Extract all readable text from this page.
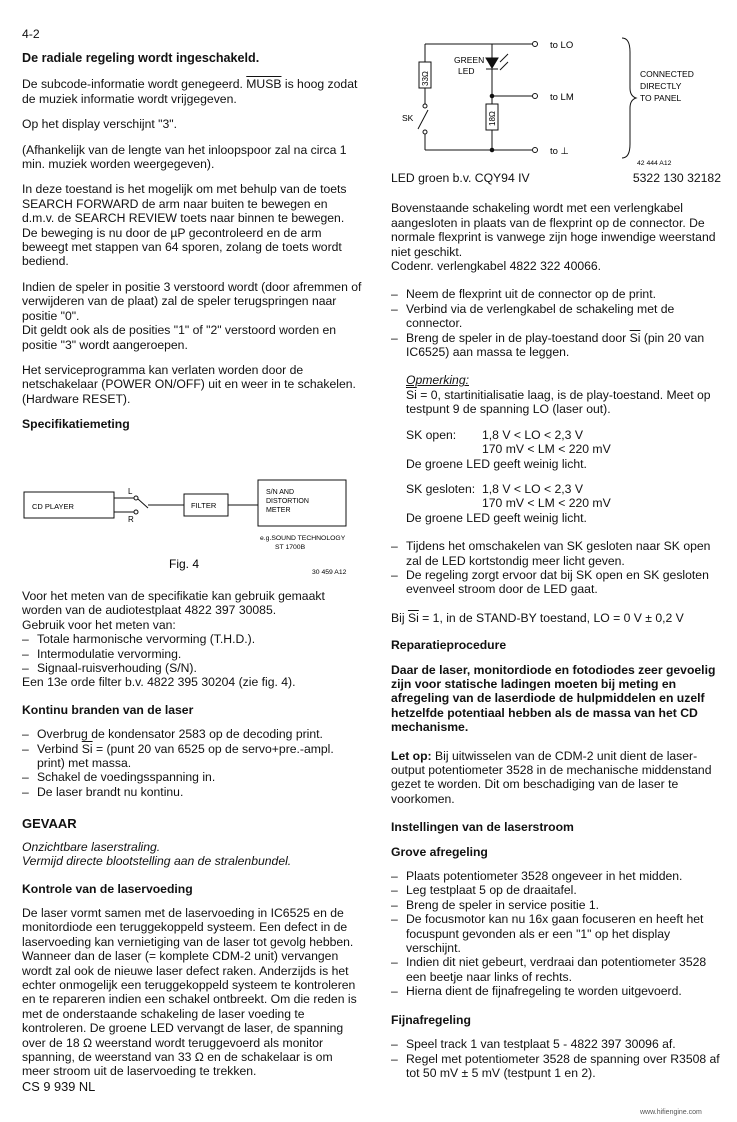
4-2
CS 9 939 NL
www.hifiengine.com
De radiale regeling wordt ingeschakeld.

De subcode-informatie wordt genegeerd. MUSB is hoog zodat de muziek informatie wordt vrijgegeven.

Op het display verschijnt "3".

(Afhankelijk van de lengte van het inloopspoor zal na circa 1 min. muziek worden weergegeven).

In deze toestand is het mogelijk om met behulp van de toets SEARCH FORWARD de arm naar buiten te bewegen en d.m.v. de SEARCH REVIEW toets naar binnen te bewegen.

De beweging is nu door de µP gecontroleerd en de arm beweegt met stappen van 64 sporen, zolang de toets wordt bediend.

Indien de speler in positie 3 verstoord wordt (door afremmen of verwijderen van de plaat) zal de speler terugspringen naar positie "0".

Dit geldt ook als de posities "1" of "2" verstoord worden en positie "3" wordt aangeroepen.

Het serviceprogramma kan verlaten worden door de netschakelaar (POWER ON/OFF) uit en weer in te schakelen.

(Hardware RESET).

Specifikatiemeting
CD PLAYER
L
R
FILTER
S/N AND
DISTORTION
METER
e.g.SOUND TECHNOLOGY
ST 1700B
Fig. 4
30 459 A12

Voor het meten van de specifikatie kan gebruik gemaakt worden van de audiotestplaat 4822 397 30085.

Gebruik voor het meten van:
– Totale harmonische vervorming (T.H.D.).
– Intermodulatie vervorming.
– Signaal-ruisverhouding (S/N).

Een 13e orde filter b.v. 4822 395 30204 (zie fig. 4).

Kontinu branden van de laser
– Overbrug de kondensator 2583 op de decoding print.
– Verbind $\overline{Si}$ = (punt 20 van 6525 op de servo+pre.-ampl. print) met massa.
– Schakel de voedingsspanning in.
– De laser brandt nu kontinu.
GEVAAR
Onzichtbare laserstraling.

Vermijd directe blootstelling aan de stralenbundel.

Kontrole van de laservoeding

De laser vormt samen met de laservoeding in IC6525 en de monitordiode een teruggekoppeld systeem. Een defect in de laservoeding kan vernietiging van de laser tot gevolg hebben.

Wanneer dan de laser (= komplete CDM-2 unit) vervangen wordt zal ook de nieuwe laser defect raken. Anderzijds is het echter onmogelijk een teruggekoppeld systeem te kontroleren en te repareren indien een schakel ontbreekt. Om die reden is met de onderstaande schakeling de laser voeding te kontroleren. De groene LED vervangt de laser, de spanning over de 18 Ω weerstand wordt teruggevoerd als monitor spanning, de weerstand van 33 Ω en de schakelaar is om meer stroom uit de laservoeding te trekken.

to LO
to LM
to ⊥
GREEN
LED
33Ω
18Ω
SK
CONNECTED
DIRECTLY
TO PANEL
42 444 A12
LED groen b.v. CQY94 IV	5322 130 32182

Bovenstaande schakeling wordt met een verlengkabel aangesloten in plaats van de flexprint op de connector. De normale flexprint is vanwege zijn hoge inwendige weerstand niet geschikt.

Codenr. verlengkabel 4822 322 40066.

– Neem de flexprint uit de connector op de print.
– Verbind via de verlengkabel de schakeling met de connector.
– Breng de speler in de play-toestand door $\overline{Si}$ (pin 20 van IC6525) aan massa te leggen.
Opmerking:

$\overline{Si} = 0$, startinitialisatie laag, is de play-toestand. Meet op testpunt 9 de spanning LO (laser out).

SK open:	1,8 V < LO < 2,3 V
170 mV < LM < 220 mV

De groene LED geeft weinig licht.

SK gesloten: 1,8 V < LO < 2,3 V
170 mV < LM < 220 mV

De groene LED geeft weinig licht.

– Tijdens het omschakelen van SK gesloten naar SK open zal de LED kortstondig meer licht geven.
– De regeling zorgt ervoor dat bij SK open en SK gesloten evenveel stroom door de LED gaat.

Bij $\overline{Si} = 1$, in de STAND-BY toestand, LO = 0 V ± 0,2 V

Reparatieprocedure

Daar de laser, monitordiode en fotodiodes zeer gevoelig zijn voor statische ladingen moeten bij meting en afregeling van de laserdiode de hulpmiddelen en uzelf hetzelfde potentiaal hebben als de massa van het CD mechanisme.

Let op: Bij uitwisselen van de CDM-2 unit dient de laser-output potentiometer 3528 in de mechanische middenstand gezet te worden. Dit om beschadiging van de laser te voorkomen.

Instellingen van de laserstroom
Grove afregeling
– Plaats potentiometer 3528 ongeveer in het midden.
– Leg testplaat 5 op de draaitafel.
– Breng de speler in service positie 1.
– De focusmotor kan nu 16x gaan focuseren en heeft het focuspunt gevonden als er een "1" op het display verschijnt.
– Indien dit niet gebeurt, verdraai dan potentiometer 3528 een beetje naar links of rechts.
– Hierna dient de fijnafregeling te worden uitgevoerd.
Fijnafregeling
– Speel track 1 van testplaat 5 - 4822 397 30096 af.
– Regel met potentiometer 3528 de spanning over R3508 af tot 50 mV ± 5 mV (testpunt 1 en 2).
